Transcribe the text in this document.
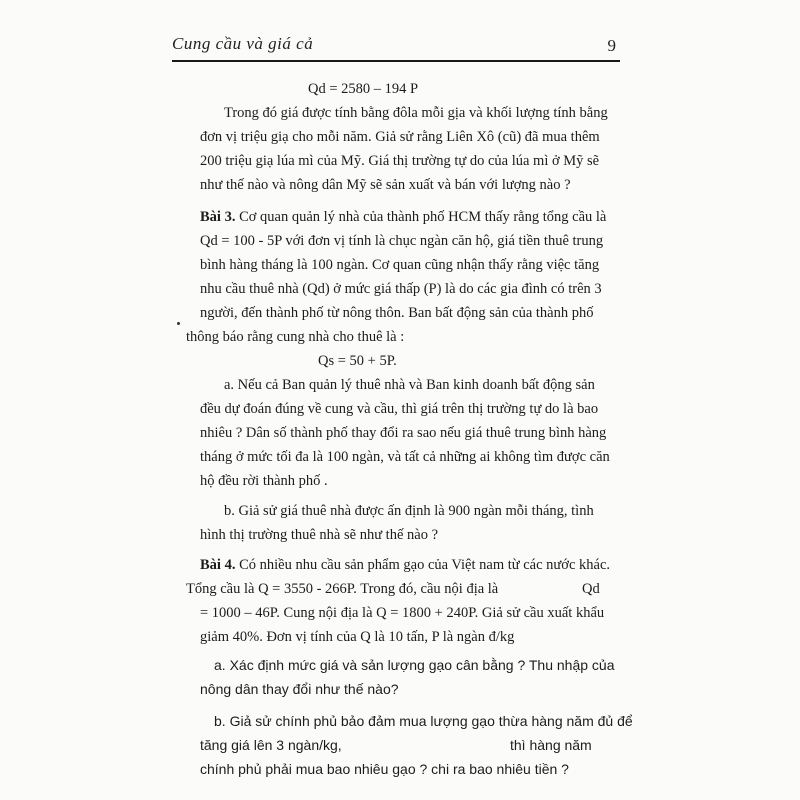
Cung cầu và giá cả	9
Qd = 2580 – 194 P
Trong đó giá được tính bằng đôla mỗi gịa và khối lượng tính bằng
đơn vị triệu giạ cho mỗi năm. Giả sử rằng Liên Xô (cũ) đã mua thêm
200 triệu giạ lúa mì của Mỹ. Giá thị trường tự do của lúa mì ở Mỹ sẽ
như thế nào và nông dân Mỹ sẽ sản xuất và bán với lượng nào ?
Bài 3. Cơ quan quản lý nhà của thành phố HCM thấy rằng tổng cầu là
Qd = 100 - 5P với đơn vị tính là chục ngàn căn hộ, giá tiền thuê trung
bình hàng tháng là 100 ngàn. Cơ quan cũng nhận thấy rằng việc tăng
nhu cầu thuê nhà (Qd) ở mức giá thấp (P) là do các gia đình có trên 3
người, đến thành phố từ nông thôn. Ban bất động sản của thành phố
thông báo rằng cung nhà cho thuê là :
Qs = 50 + 5P.
a. Nếu cả Ban quản lý thuê nhà và Ban kinh doanh bất động sản
đều dự đoán đúng về cung và cầu, thì giá trên thị trường tự do là bao
nhiêu ? Dân số thành phố thay đổi ra sao nếu giá thuê trung bình hàng
tháng ở mức tối đa là 100 ngàn, và tất cả những ai không tìm được căn
hộ đều rời thành phố .
b. Giả sử giá thuê nhà được ấn định là 900 ngàn mỗi tháng, tình
hình thị trường thuê nhà sẽ như thế nào ?
Bài 4. Có nhiều nhu cầu sản phẩm gạo của Việt nam từ các nước khác.
Tổng cầu là Q = 3550 - 266P. Trong đó, cầu nội địa là	Qd
= 1000 – 46P. Cung nội địa là Q = 1800 + 240P. Giả sử cầu xuất khẩu
giảm 40%. Đơn vị tính của Q là 10 tấn, P là ngàn đ/kg
a. Xác định mức giá và sản lượng gạo cân bằng ? Thu nhập của
nông dân thay đổi như thế nào?
b. Giả sử chính phủ bảo đảm mua lượng gạo thừa hàng năm đủ để
tăng giá lên 3 ngàn/kg,	thì hàng năm
chính phủ phải mua bao nhiêu gạo ? chi ra bao nhiêu tiền ?
